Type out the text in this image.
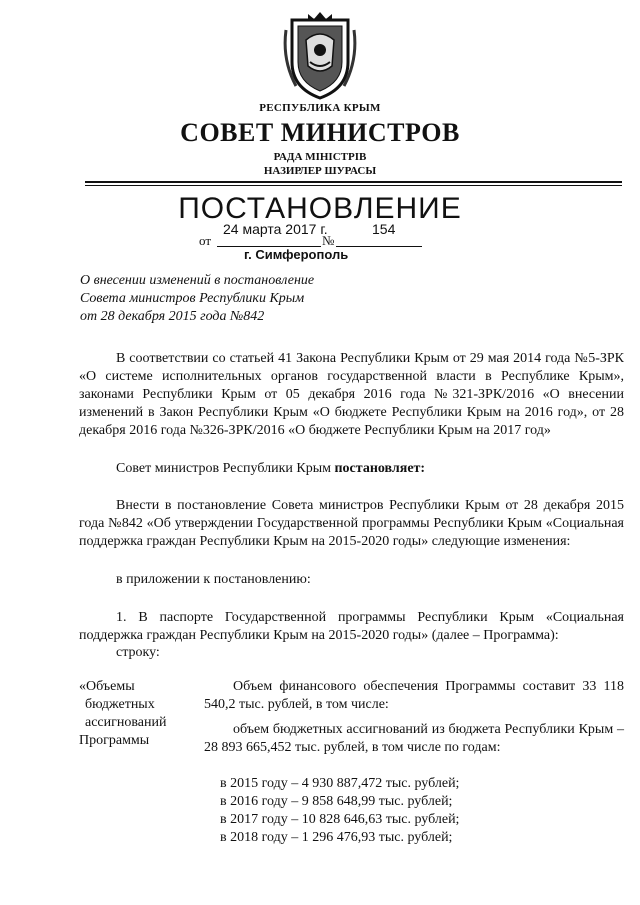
РЕСПУБЛИКА КРЫМ
СОВЕТ МИНИСТРОВ
РАДА МІНІСТРІВ
НАЗИРЛЕР ШУРАСЫ
ПОСТАНОВЛЕНИЕ
24 марта 2017 г.	154
от	№
г. Симферополь
О внесении изменений в постановление
Совета министров Республики Крым
от 28 декабря 2015 года №842
В соответствии со статьей 41 Закона Республики Крым от 29 мая 2014 года №5-ЗРК «О системе исполнительных органов государственной власти в Республике Крым», законами Республики Крым от 05 декабря 2016 года №321-ЗРК/2016 «О внесении изменений в Закон Республики Крым «О бюджете Республики Крым на 2016 год», от 28 декабря 2016 года №326-ЗРК/2016 «О бюджете Республики Крым на 2017 год»
Совет министров Республики Крым постановляет:
Внести в постановление Совета министров Республики Крым от 28 декабря 2015 года №842 «Об утверждении Государственной программы Республики Крым «Социальная поддержка граждан Республики Крым на 2015-2020 годы» следующие изменения:
в приложении к постановлению:
1. В паспорте Государственной программы Республики Крым «Социальная поддержка граждан Республики Крым на 2015-2020 годы» (далее – Программа):
строку:
«Объемы
бюджетных
ассигнований
Программы
Объем финансового обеспечения Программы составит 33 118 540,2 тыс. рублей, в том числе:
объем бюджетных ассигнований из бюджета Республики Крым – 28 893 665,452 тыс. рублей, в том числе по годам:
в 2015 году – 4 930 887,472 тыс. рублей;
в 2016 году – 9 858 648,99 тыс. рублей;
в 2017 году – 10 828 646,63 тыс. рублей;
в 2018 году – 1 296 476,93 тыс. рублей;
